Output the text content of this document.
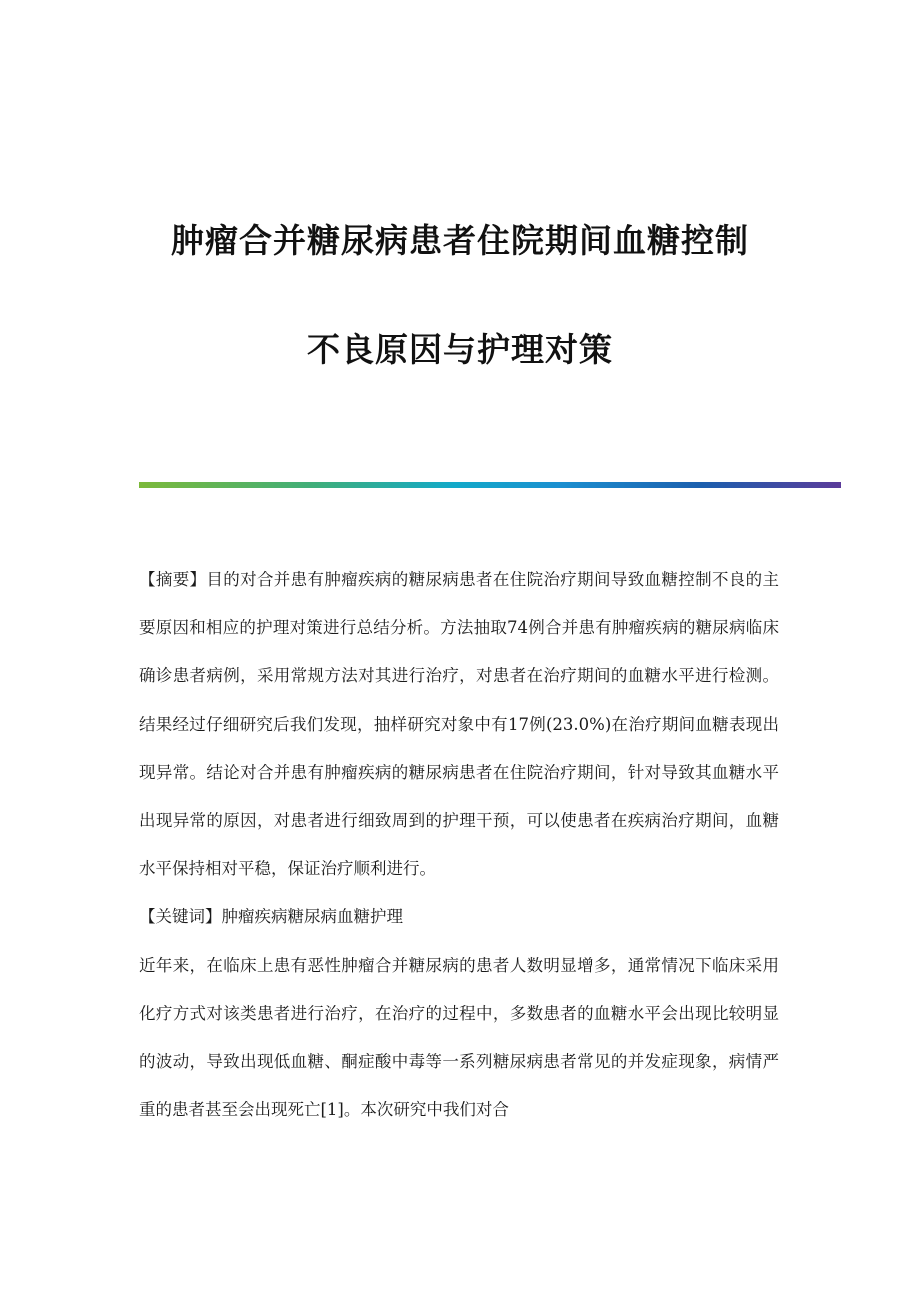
肿瘤合并糖尿病患者住院期间血糖控制
不良原因与护理对策

【摘要】目的对合并患有肿瘤疾病的糖尿病患者在住院治疗期间导致血糖控制不良的主要原因和相应的护理对策进行总结分析。方法抽取74例合并患有肿瘤疾病的糖尿病临床确诊患者病例，采用常规方法对其进行治疗，对患者在治疗期间的血糖水平进行检测。结果经过仔细研究后我们发现，抽样研究对象中有17例(23.0%)在治疗期间血糖表现出现异常。结论对合并患有肿瘤疾病的糖尿病患者在住院治疗期间，针对导致其血糖水平出现异常的原因，对患者进行细致周到的护理干预，可以使患者在疾病治疗期间，血糖水平保持相对平稳，保证治疗顺利进行。

【关键词】肿瘤疾病糖尿病血糖护理

近年来，在临床上患有恶性肿瘤合并糖尿病的患者人数明显增多，通常情况下临床采用化疗方式对该类患者进行治疗，在治疗的过程中，多数患者的血糖水平会出现比较明显的波动，导致出现低血糖、酮症酸中毒等一系列糖尿病患者常见的并发症现象，病情严重的患者甚至会出现死亡[1]。本次研究中我们对合
